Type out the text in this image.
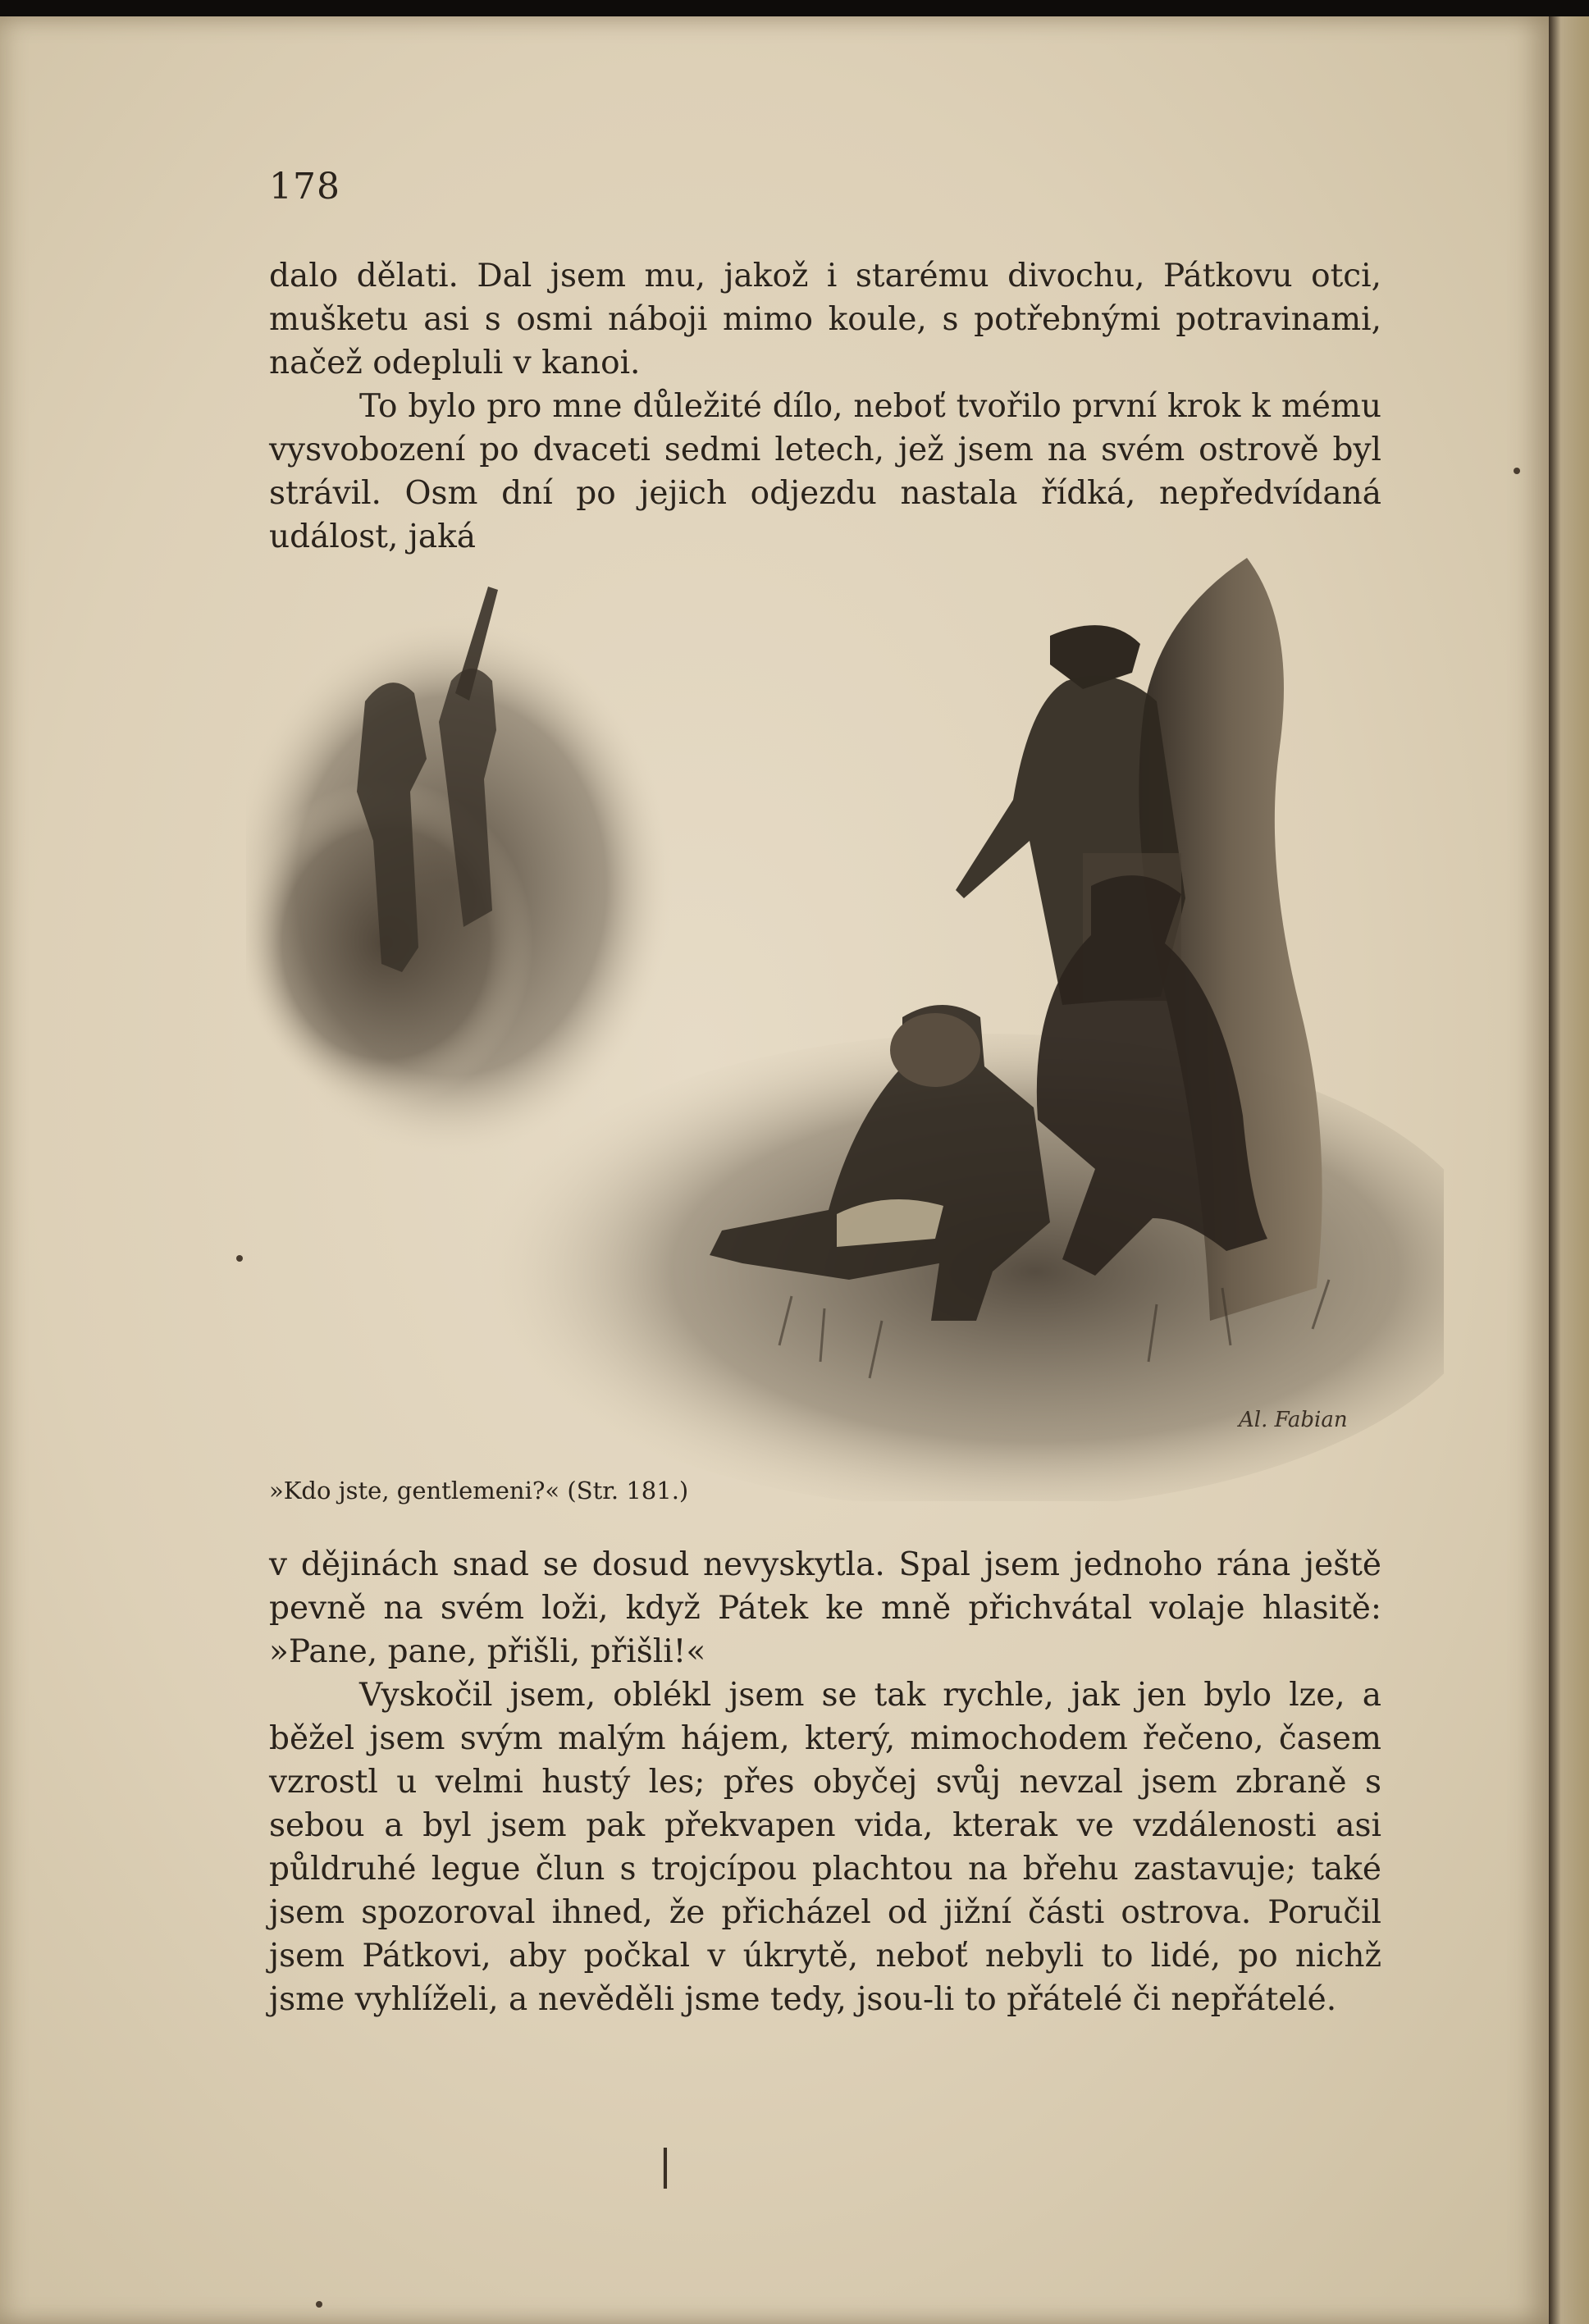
178

dalo dělati. Dal jsem mu, jakož i starému divochu, Pátkovu otci, mušketu asi s osmi náboji mimo koule, s potřebnými potravinami, načež odepluli v kanoi.

To bylo pro mne důležité dílo, neboť tvořilo první krok k mému vysvobození po dvaceti sedmi letech, jež jsem na svém ostrově byl strávil. Osm dní po jejich odjezdu nastala řídká, nepředvídaná událost, jaká

Al. Fabian
»Kdo jste, gentlemeni?« (Str. 181.)

v dějinách snad se dosud nevyskytla. Spal jsem jednoho rána ještě pevně na svém loži, když Pátek ke mně přichvátal volaje hlasitě: »Pane, pane, přišli, přišli!«

Vyskočil jsem, oblékl jsem se tak rychle, jak jen bylo lze, a běžel jsem svým malým hájem, který, mimochodem řečeno, časem vzrostl u velmi hustý les; přes obyčej svůj nevzal jsem zbraně s sebou a byl jsem pak překvapen vida, kterak ve vzdálenosti asi půldruhé legue člun s trojcípou plachtou na břehu zastavuje; také jsem spozoroval ihned, že přicházel od jižní části ostrova. Poručil jsem Pátkovi, aby počkal v úkrytě, neboť nebyli to lidé, po nichž jsme vyhlíželi, a nevěděli jsme tedy, jsou-li to přátelé či nepřátelé.

❘
